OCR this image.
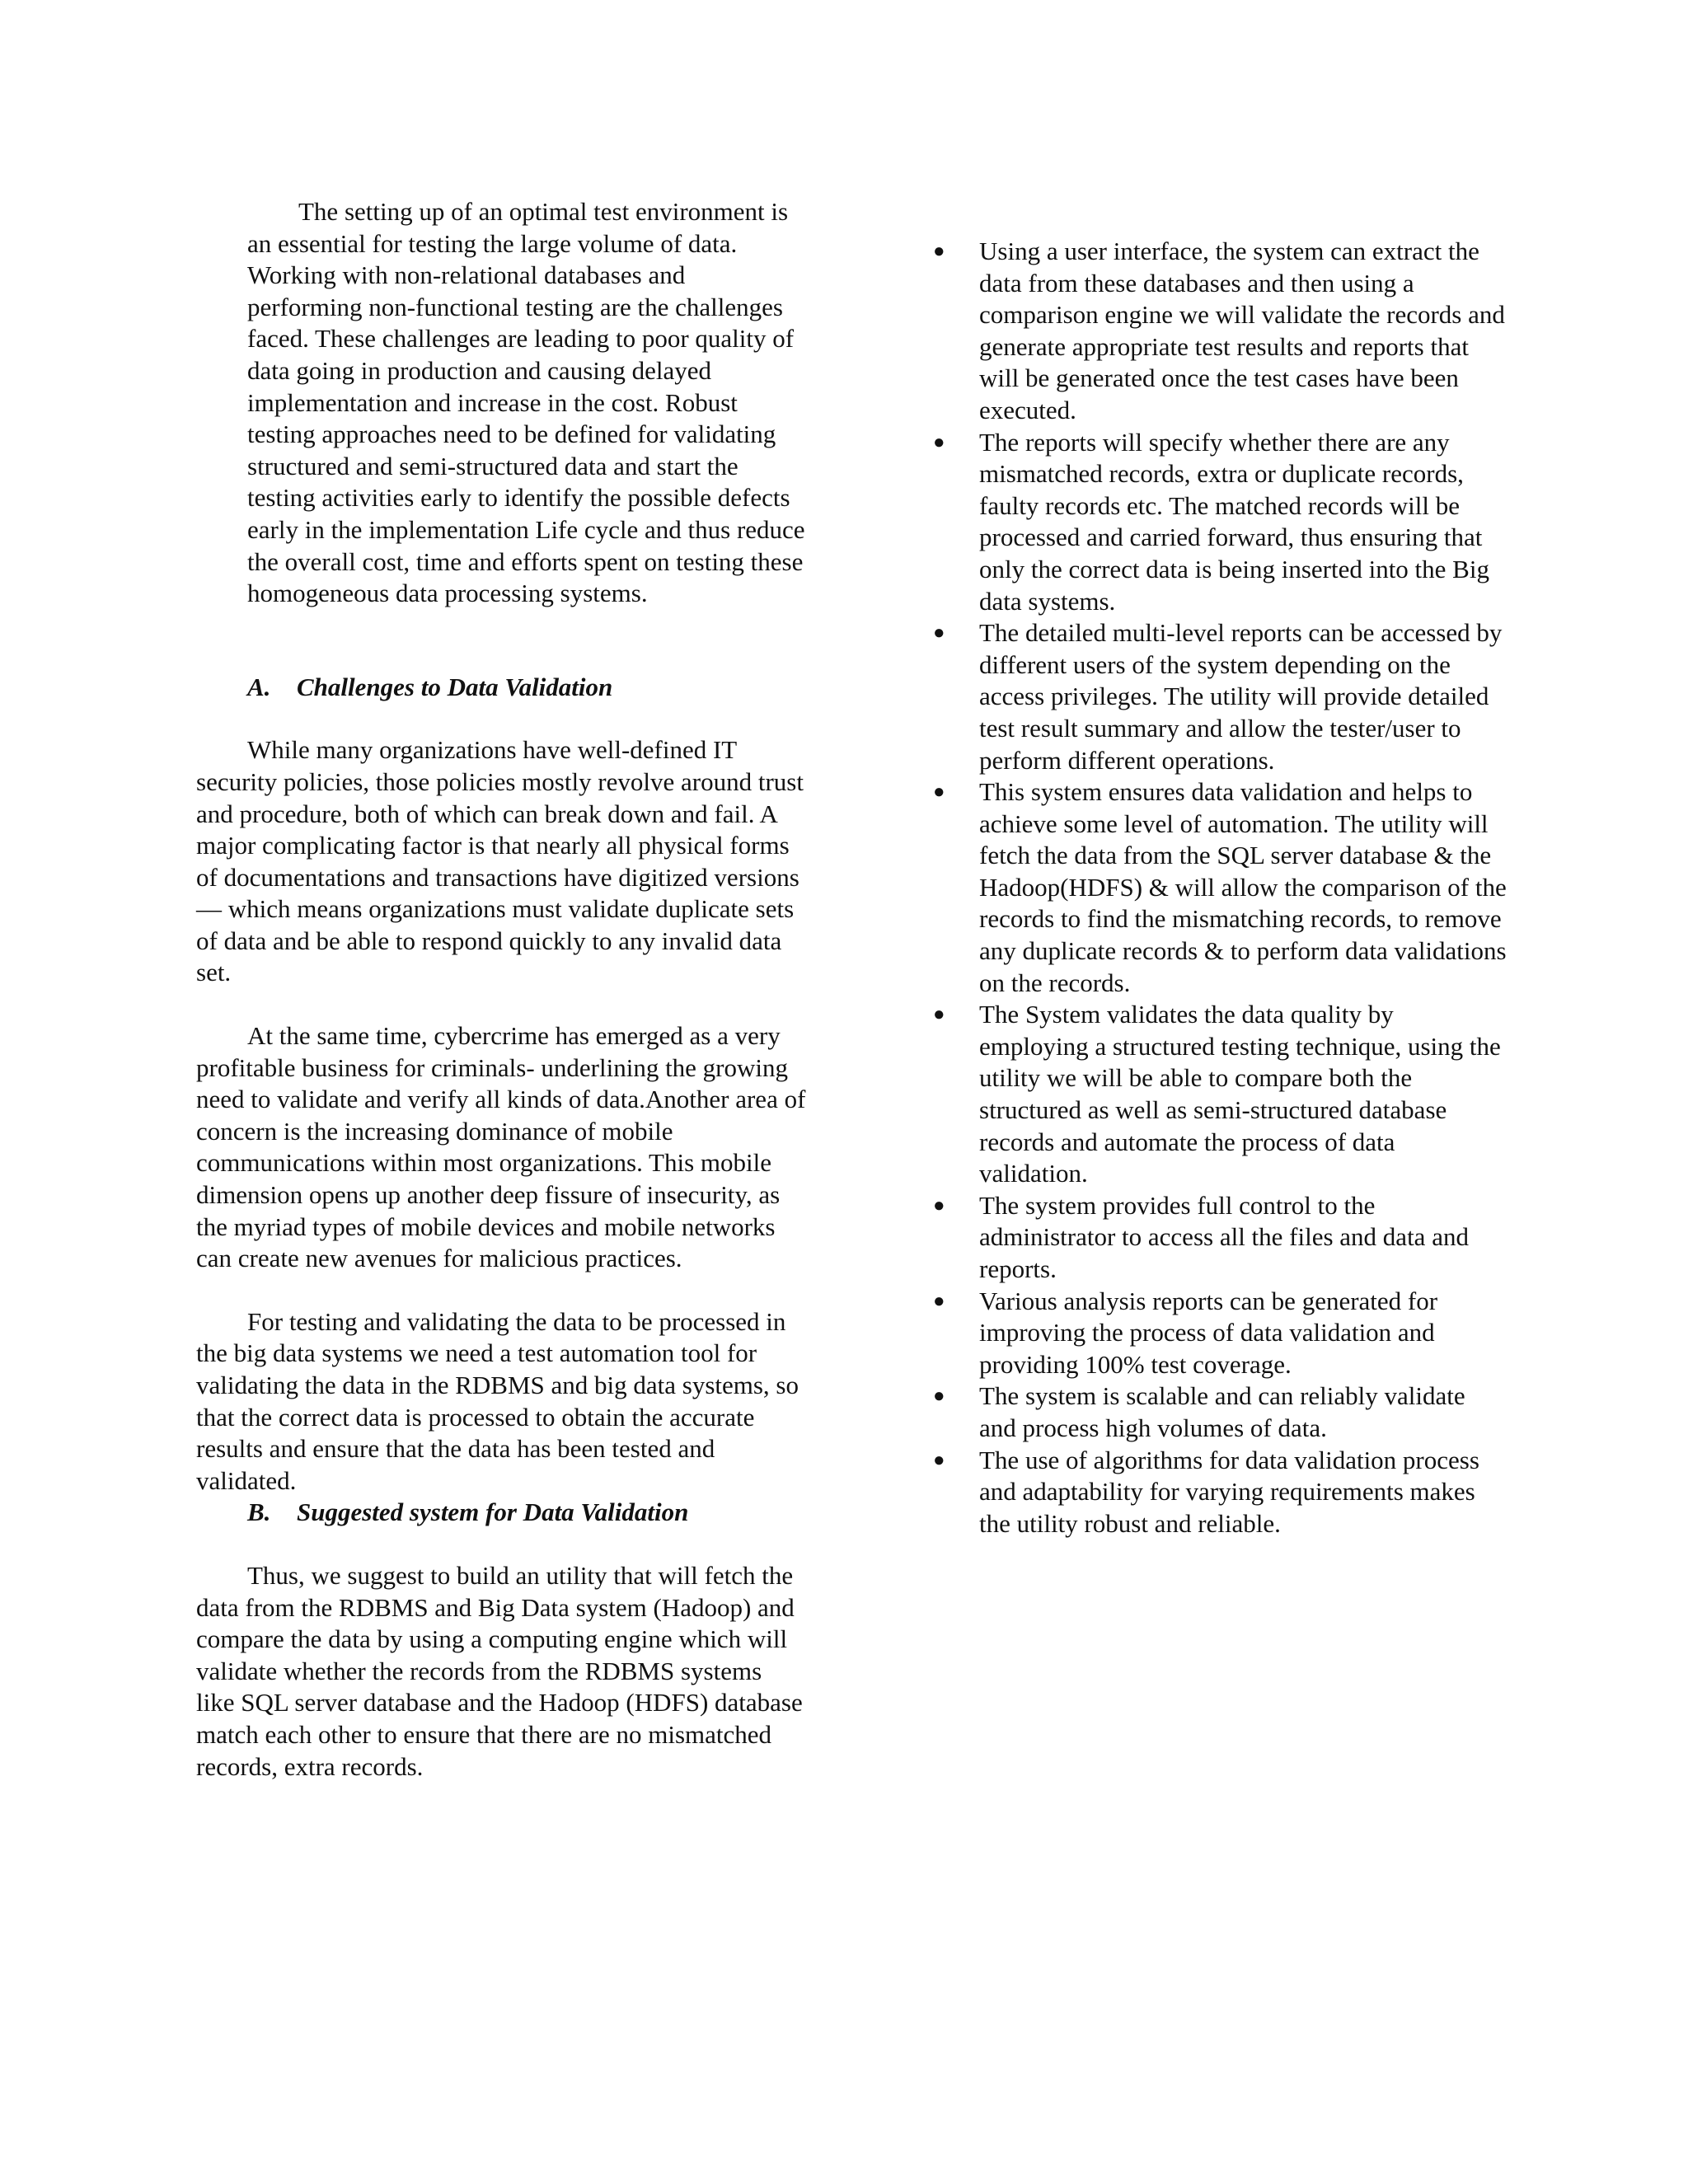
The setting up of an optimal test environment is an essential for testing the large volume of data. Working with non-relational databases and performing non-functional testing are the challenges faced. These challenges are leading to poor quality of data going in production and causing delayed implementation and increase in the cost. Robust testing approaches need to be defined for validating structured and semi-structured data and start the testing activities early to identify the possible defects early in the implementation Life cycle and thus reduce the overall cost, time and efforts spent on testing these homogeneous data processing systems.

A. Challenges to Data Validation

While many organizations have well-defined IT security policies, those policies mostly revolve around trust and procedure, both of which can break down and fail. A major complicating factor is that nearly all physical forms of documentations and transactions have digitized versions — which means organizations must validate duplicate sets of data and be able to respond quickly to any invalid data set.

At the same time, cybercrime has emerged as a very profitable business for criminals- underlining the growing need to validate and verify all kinds of data.Another area of concern is the increasing dominance of mobile communications within most organizations. This mobile dimension opens up another deep fissure of insecurity, as the myriad types of mobile devices and mobile networks can create new avenues for malicious practices.

For testing and validating the data to be processed in the big data systems we need a test automation tool for validating the data in the RDBMS and big data systems, so that the correct data is processed to obtain the accurate results and ensure that the data has been tested and validated.

B. Suggested system for Data Validation

Thus, we suggest to build an utility that will fetch the data from the RDBMS and Big Data system (Hadoop) and compare the data by using a computing engine which will validate whether the records from the RDBMS systems like SQL server database and the Hadoop (HDFS) database match each other to ensure that there are no mismatched records, extra records.

● Using a user interface, the system can extract the data from these databases and then using a comparison engine we will validate the records and generate appropriate test results and reports that will be generated once the test cases have been executed.
● The reports will specify whether there are any mismatched records, extra or duplicate records, faulty records etc. The matched records will be processed and carried forward, thus ensuring that only the correct data is being inserted into the Big data systems.
● The detailed multi-level reports can be accessed by different users of the system depending on the access privileges. The utility will provide detailed test result summary and allow the tester/user to perform different operations.
● This system ensures data validation and helps to achieve some level of automation. The utility will fetch the data from the SQL server database & the Hadoop(HDFS) & will allow the comparison of the records to find the mismatching records, to remove any duplicate records & to perform data validations on the records.
● The System validates the data quality by employing a structured testing technique, using the utility we will be able to compare both the structured as well as semi-structured database records and automate the process of data validation.
● The system provides full control to the administrator to access all the files and data and reports.
● Various analysis reports can be generated for improving the process of data validation and providing 100% test coverage.
● The system is scalable and can reliably validate and process high volumes of data.
● The use of algorithms for data validation process and adaptability for varying requirements makes the utility robust and reliable.
